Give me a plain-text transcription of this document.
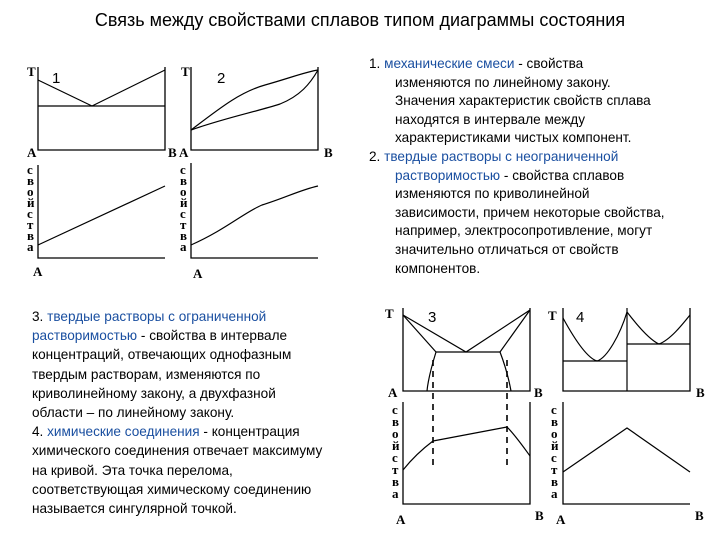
Связь между свойствами сплавов типом диаграммы состояния

1. механические смеси - свойства

изменяются по линейному закону.

Значения характеристик свойств сплава

находятся в интервале между

характеристиками чистых компонент.

2. твердые растворы с неограниченной

растворимостью - свойства сплавов

изменяются по криволинейной

зависимости, причем некоторые свойства,

например, электросопротивление, могут

значительно отличаться от свойств

компонентов.

3. твердые растворы с ограниченной

растворимостью - свойства в интервале

концентраций, отвечающих однофазным

твердым растворам, изменяются по

криволинейному закону, а двухфазной

области – по линейному закону.

4. химические соединения - концентрация

химического соединения отвечает максимуму

на кривой. Эта точка перелома,

соответствующая химическому соединению

называется сингулярной точкой.

T 1
A	B
A
T 2
A	B
A
T 3
A	B
A	B
T 4
B
A	B
с
в
о
й
с
т
в
а
с
в
о
й
с
т
в
а
с
в
о
й
с
т
в
а
с
в
о
й
с
т
в
а
